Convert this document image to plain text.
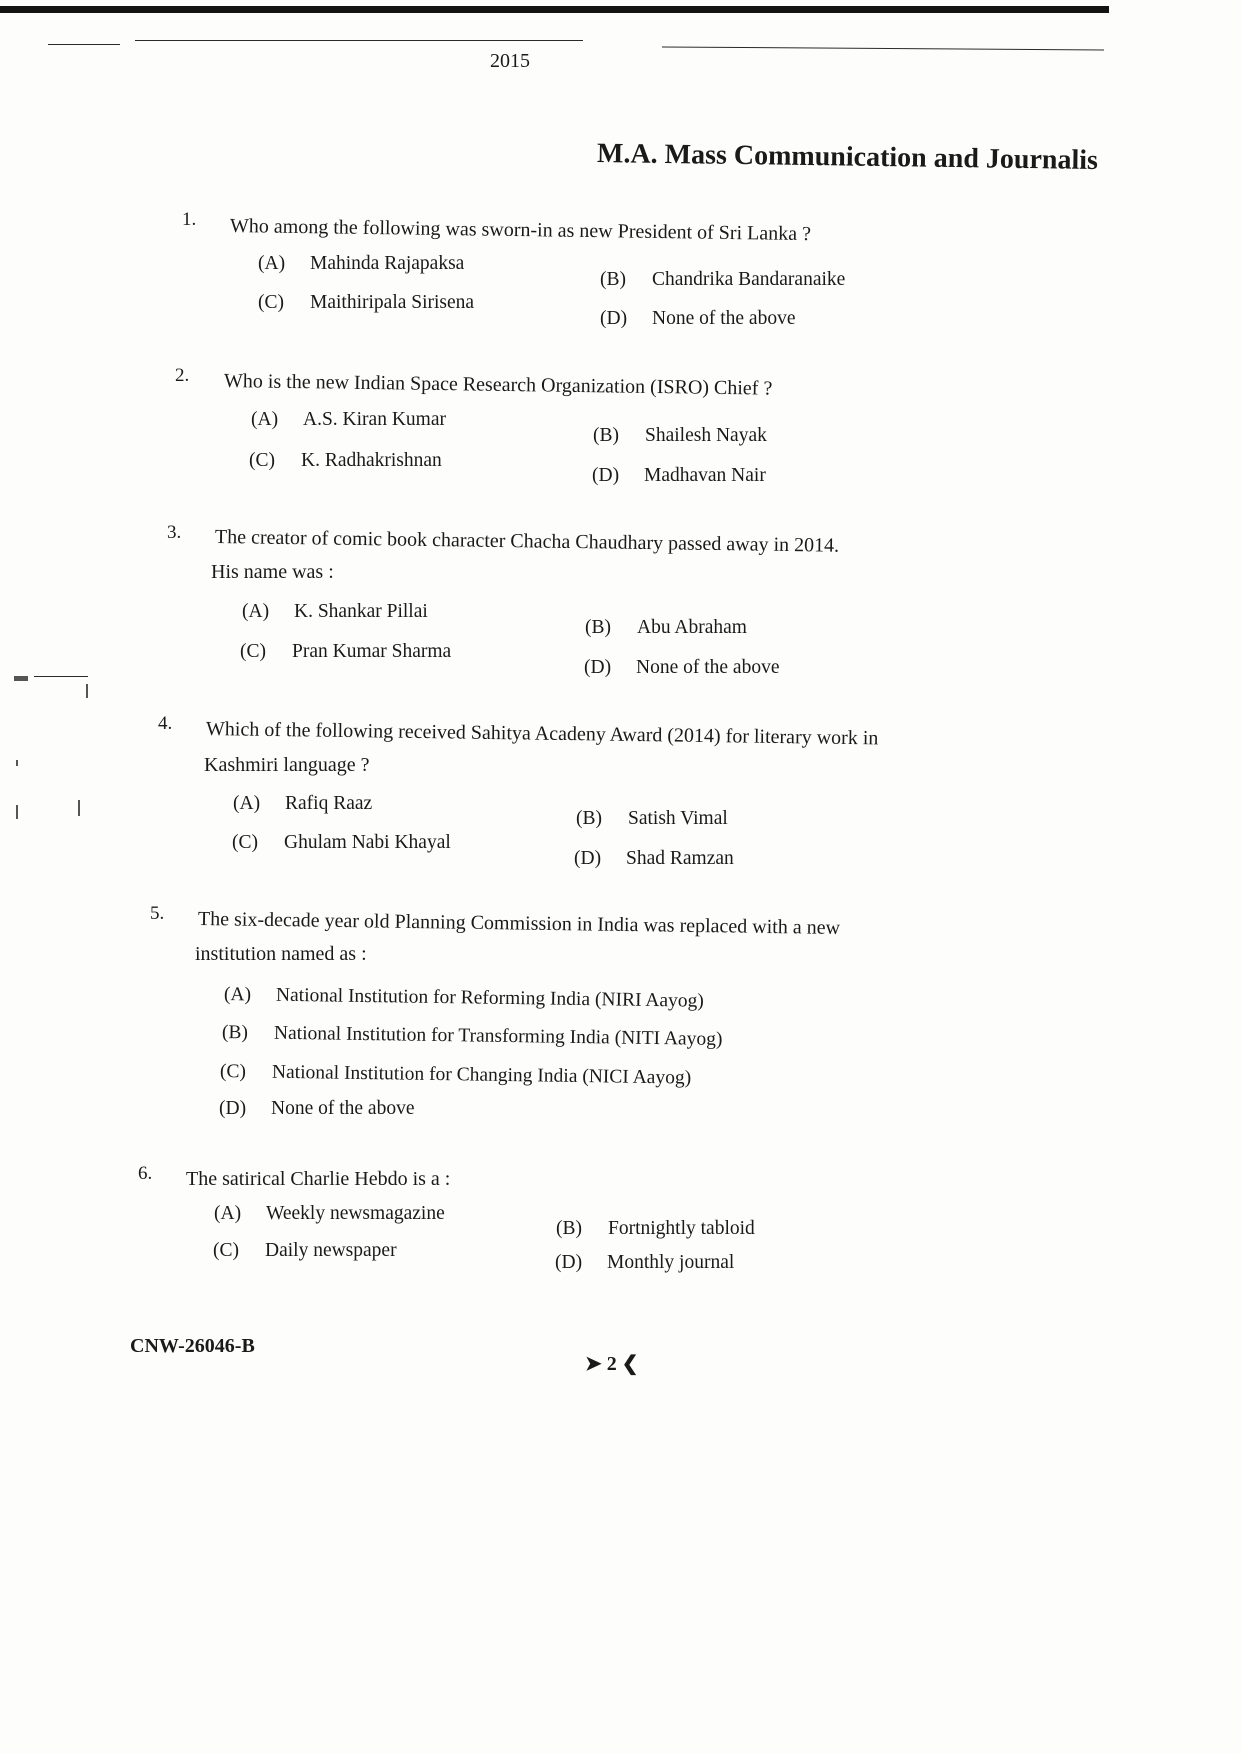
2015
M.A. Mass Communication and Journalis
1. Who among the following was sworn-in as new President of Sri Lanka ?
(A) Mahinda Rajapaksa
(B) Chandrika Bandaranaike
(C) Maithiripala Sirisena
(D) None of the above
2. Who is the new Indian Space Research Organization (ISRO) Chief ?
(A) A.S. Kiran Kumar
(B) Shailesh Nayak
(C) K. Radhakrishnan
(D) Madhavan Nair
3. The creator of comic book character Chacha Chaudhary passed away in 2014.
His name was :
(A) K. Shankar Pillai
(B) Abu Abraham
(C) Pran Kumar Sharma
(D) None of the above
4. Which of the following received Sahitya Acadeny Award (2014) for literary work in
Kashmiri language ?
(A) Rafiq Raaz
(B) Satish Vimal
(C) Ghulam Nabi Khayal
(D) Shad Ramzan
5. The six-decade year old Planning Commission in India was replaced with a new
institution named as :
(A) National Institution for Reforming India (NIRI Aayog)
(B) National Institution for Transforming India (NITI Aayog)
(C) National Institution for Changing India (NICI Aayog)
(D) None of the above
6. The satirical Charlie Hebdo is a :
(A) Weekly newsmagazine
(B) Fortnightly tabloid
(C) Daily newspaper
(D) Monthly journal
CNW-26046-B
➤ 2 ❮
